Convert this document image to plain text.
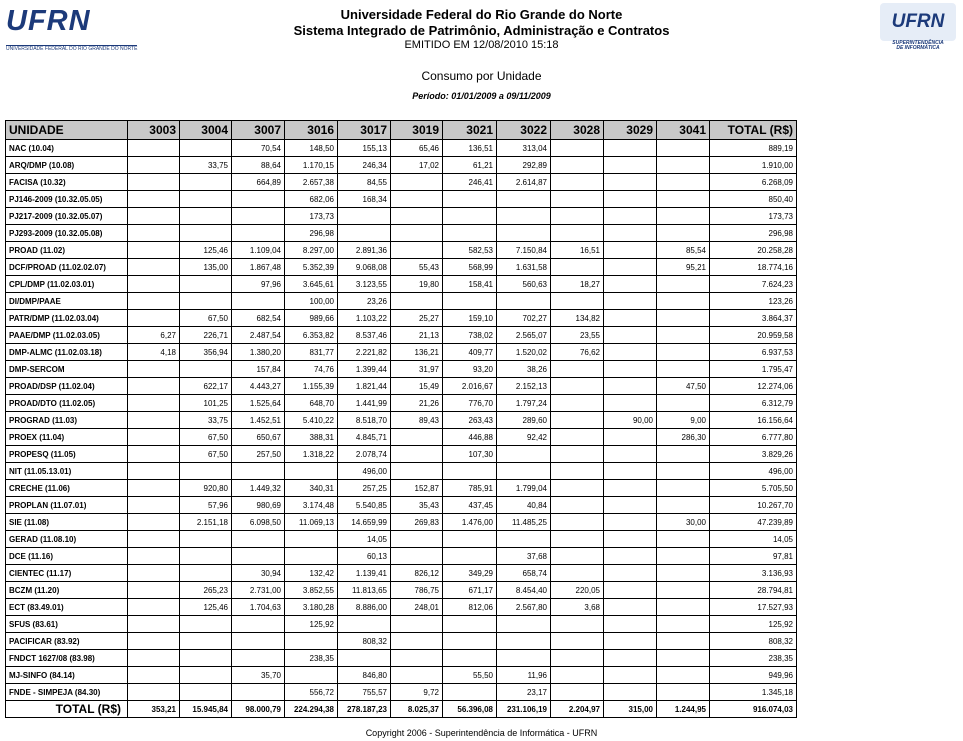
UFRN
UNIVERSIDADE FEDERAL DO RIO GRANDE DO NORTE
Universidade Federal do Rio Grande do Norte
Sistema Integrado de Patrimônio, Administração e Contratos
EMITIDO EM 12/08/2010 15:18
UFRN
SUPERINTENDÊNCIA
DE INFORMÁTICA
Consumo por Unidade
Período: 01/01/2009 a 09/11/2009
UNIDADE	3003	3004	3007	3016	3017	3019	3021	3022	3028	3029	3041	TOTAL (R$)
NAC (10.04)			70,54	148,50	155,13	65,46	136,51	313,04				889,19
ARQ/DMP (10.08)		33,75	88,64	1.170,15	246,34	17,02	61,21	292,89				1.910,00
FACISA (10.32)			664,89	2.657,38	84,55		246,41	2.614,87				6.268,09
PJ146-2009 (10.32.05.05)				682,06	168,34							850,40
PJ217-2009 (10.32.05.07)				173,73								173,73
PJ293-2009 (10.32.05.08)				296,98								296,98
PROAD (11.02)		125,46	1.109,04	8.297,00	2.891,36		582,53	7.150,84	16,51		85,54	20.258,28
DCF/PROAD (11.02.02.07)		135,00	1.867,48	5.352,39	9.068,08	55,43	568,99	1.631,58			95,21	18.774,16
CPL/DMP (11.02.03.01)			97,96	3.645,61	3.123,55	19,80	158,41	560,63	18,27			7.624,23
DI/DMP/PAAE				100,00	23,26							123,26
PATR/DMP (11.02.03.04)		67,50	682,54	989,66	1.103,22	25,27	159,10	702,27	134,82			3.864,37
PAAE/DMP (11.02.03.05)	6,27	226,71	2.487,54	6.353,82	8.537,46	21,13	738,02	2.565,07	23,55			20.959,58
DMP-ALMC (11.02.03.18)	4,18	356,94	1.380,20	831,77	2.221,82	136,21	409,77	1.520,02	76,62			6.937,53
DMP-SERCOM			157,84	74,76	1.399,44	31,97	93,20	38,26				1.795,47
PROAD/DSP (11.02.04)		622,17	4.443,27	1.155,39	1.821,44	15,49	2.016,67	2.152,13			47,50	12.274,06
PROAD/DTO (11.02.05)		101,25	1.525,64	648,70	1.441,99	21,26	776,70	1.797,24				6.312,79
PROGRAD (11.03)		33,75	1.452,51	5.410,22	8.518,70	89,43	263,43	289,60		90,00	9,00	16.156,64
PROEX (11.04)		67,50	650,67	388,31	4.845,71		446,88	92,42			286,30	6.777,80
PROPESQ (11.05)		67,50	257,50	1.318,22	2.078,74		107,30					3.829,26
NIT (11.05.13.01)					496,00							496,00
CRECHE (11.06)		920,80	1.449,32	340,31	257,25	152,87	785,91	1.799,04				5.705,50
PROPLAN (11.07.01)		57,96	980,69	3.174,48	5.540,85	35,43	437,45	40,84				10.267,70
SIE (11.08)		2.151,18	6.098,50	11.069,13	14.659,99	269,83	1.476,00	11.485,25			30,00	47.239,89
GERAD (11.08.10)					14,05							14,05
DCE (11.16)					60,13			37,68				97,81
CIENTEC (11.17)			30,94	132,42	1.139,41	826,12	349,29	658,74				3.136,93
BCZM (11.20)		265,23	2.731,00	3.852,55	11.813,65	786,75	671,17	8.454,40	220,05			28.794,81
ECT (83.49.01)		125,46	1.704,63	3.180,28	8.886,00	248,01	812,06	2.567,80	3,68			17.527,93
SFUS (83.61)				125,92								125,92
PACIFICAR (83.92)					808,32							808,32
FNDCT 1627/08 (83.98)				238,35								238,35
MJ-SINFO (84.14)			35,70		846,80		55,50	11,96				949,96
FNDE - SIMPEJA (84.30)				556,72	755,57	9,72		23,17				1.345,18
TOTAL (R$)	353,21	15.945,84	98.000,79	224.294,38	278.187,23	8.025,37	56.396,08	231.106,19	2.204,97	315,00	1.244,95	916.074,03
Copyright 2006 - Superintendência de Informática - UFRN
